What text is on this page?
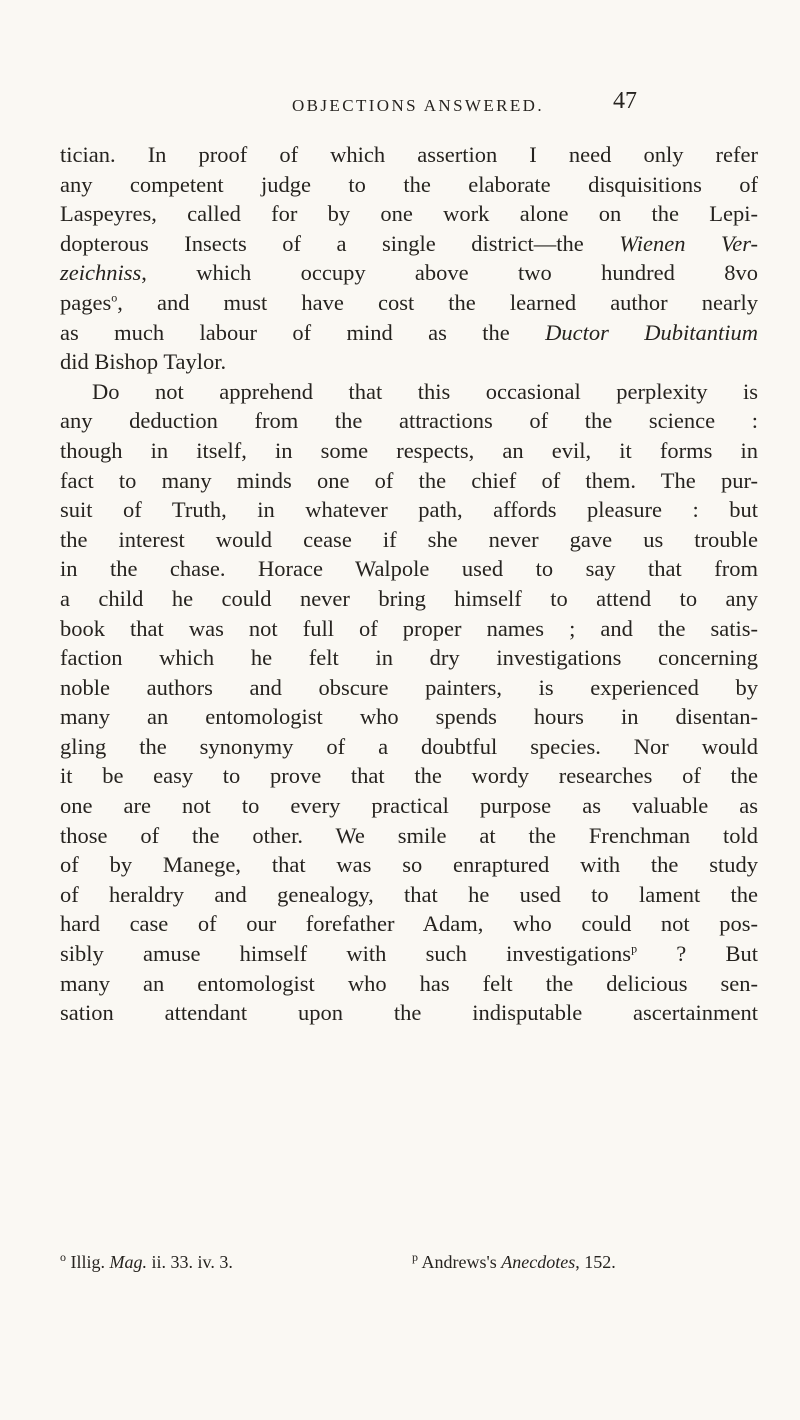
OBJECTIONS ANSWERED.	47
tician. In proof of which assertion I need only refer
any competent judge to the elaborate disquisitions of
Laspeyres, called for by one work alone on the Lepi-
dopterous Insects of a single district—the Wienen Ver-
zeichniss, which occupy above two hundred 8vo
pages$^o$, and must have cost the learned author nearly
as much labour of mind as the Ductor Dubitantium
did Bishop Taylor.
Do not apprehend that this occasional perplexity is
any deduction from the attractions of the science :
though in itself, in some respects, an evil, it forms in
fact to many minds one of the chief of them. The pur-
suit of Truth, in whatever path, affords pleasure : but
the interest would cease if she never gave us trouble
in the chase. Horace Walpole used to say that from
a child he could never bring himself to attend to any
book that was not full of proper names ; and the satis-
faction which he felt in dry investigations concerning
noble authors and obscure painters, is experienced by
many an entomologist who spends hours in disentan-
gling the synonymy of a doubtful species. Nor would
it be easy to prove that the wordy researches of the
one are not to every practical purpose as valuable as
those of the other. We smile at the Frenchman told
of by Manege, that was so enraptured with the study
of heraldry and genealogy, that he used to lament the
hard case of our forefather Adam, who could not pos-
sibly amuse himself with such investigations$^p$ ? But
many an entomologist who has felt the delicious sen-
sation attendant upon the indisputable ascertainment
$^o$ Illig. Mag. ii. 33. iv. 3.	$^p$ Andrews's Anecdotes, 152.
